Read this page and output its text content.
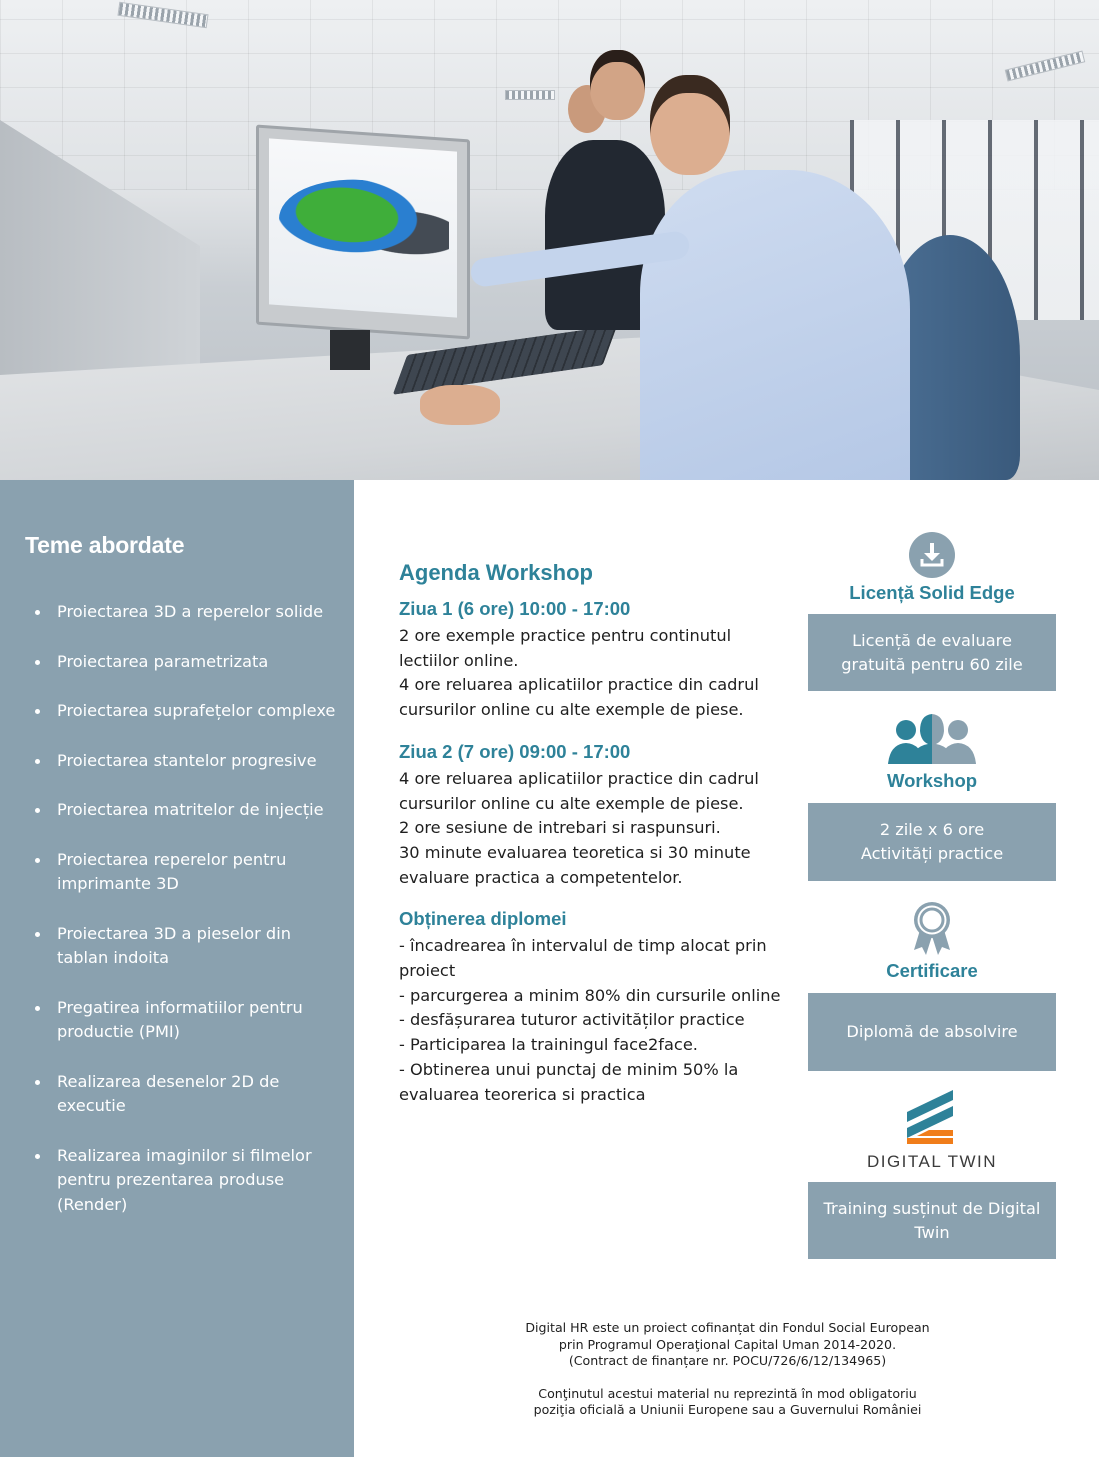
Teme abordate
Proiectarea 3D a reperelor solide
Proiectarea parametrizata
Proiectarea suprafețelor complexe
Proiectarea stantelor progresive
Proiectarea matritelor de injecție
Proiectarea reperelor pentru imprimante 3D
Proiectarea 3D a pieselor din tablan indoita
Pregatirea informatiilor pentru productie (PMI)
Realizarea desenelor 2D de executie
Realizarea imaginilor si filmelor pentru prezentarea produse (Render)
Agenda Workshop
Ziua 1 (6 ore) 10:00 - 17:00

2 ore exemple practice pentru continutul lectiilor online.

4 ore reluarea aplicatiilor practice din cadrul cursurilor online cu alte exemple de piese.

Ziua 2 (7 ore) 09:00 - 17:00

4 ore reluarea aplicatiilor practice din cadrul cursurilor online cu alte exemple de piese.

2 ore sesiune de intrebari si raspunsuri.

30 minute evaluarea teoretica si 30 minute evaluare practica a competentelor.

Obținerea diplomei

- încadrearea în intervalul de timp alocat prin proiect

- parcurgerea a minim 80% din cursurile online

- desfășurarea tuturor activităților practice

- Participarea la trainingul face2face.

- Obtinerea unui punctaj de minim 50% la evaluarea teorerica si practica

Licență Solid Edge
Licență de evaluare gratuită pentru 60 zile
Workshop
2 zile x 6 ore
Activități practice
Certificare
Diplomă de absolvire
DIGITAL TWIN
Training susținut de Digital Twin

Digital HR este un proiect cofinanțat din Fondul Social European
prin Programul Operaţional Capital Uman 2014-2020.
(Contract de finanțare nr. POCU/726/6/12/134965)

Conţinutul acestui material nu reprezintă în mod obligatoriu
poziţia oficială a Uniunii Europene sau a Guvernului României
